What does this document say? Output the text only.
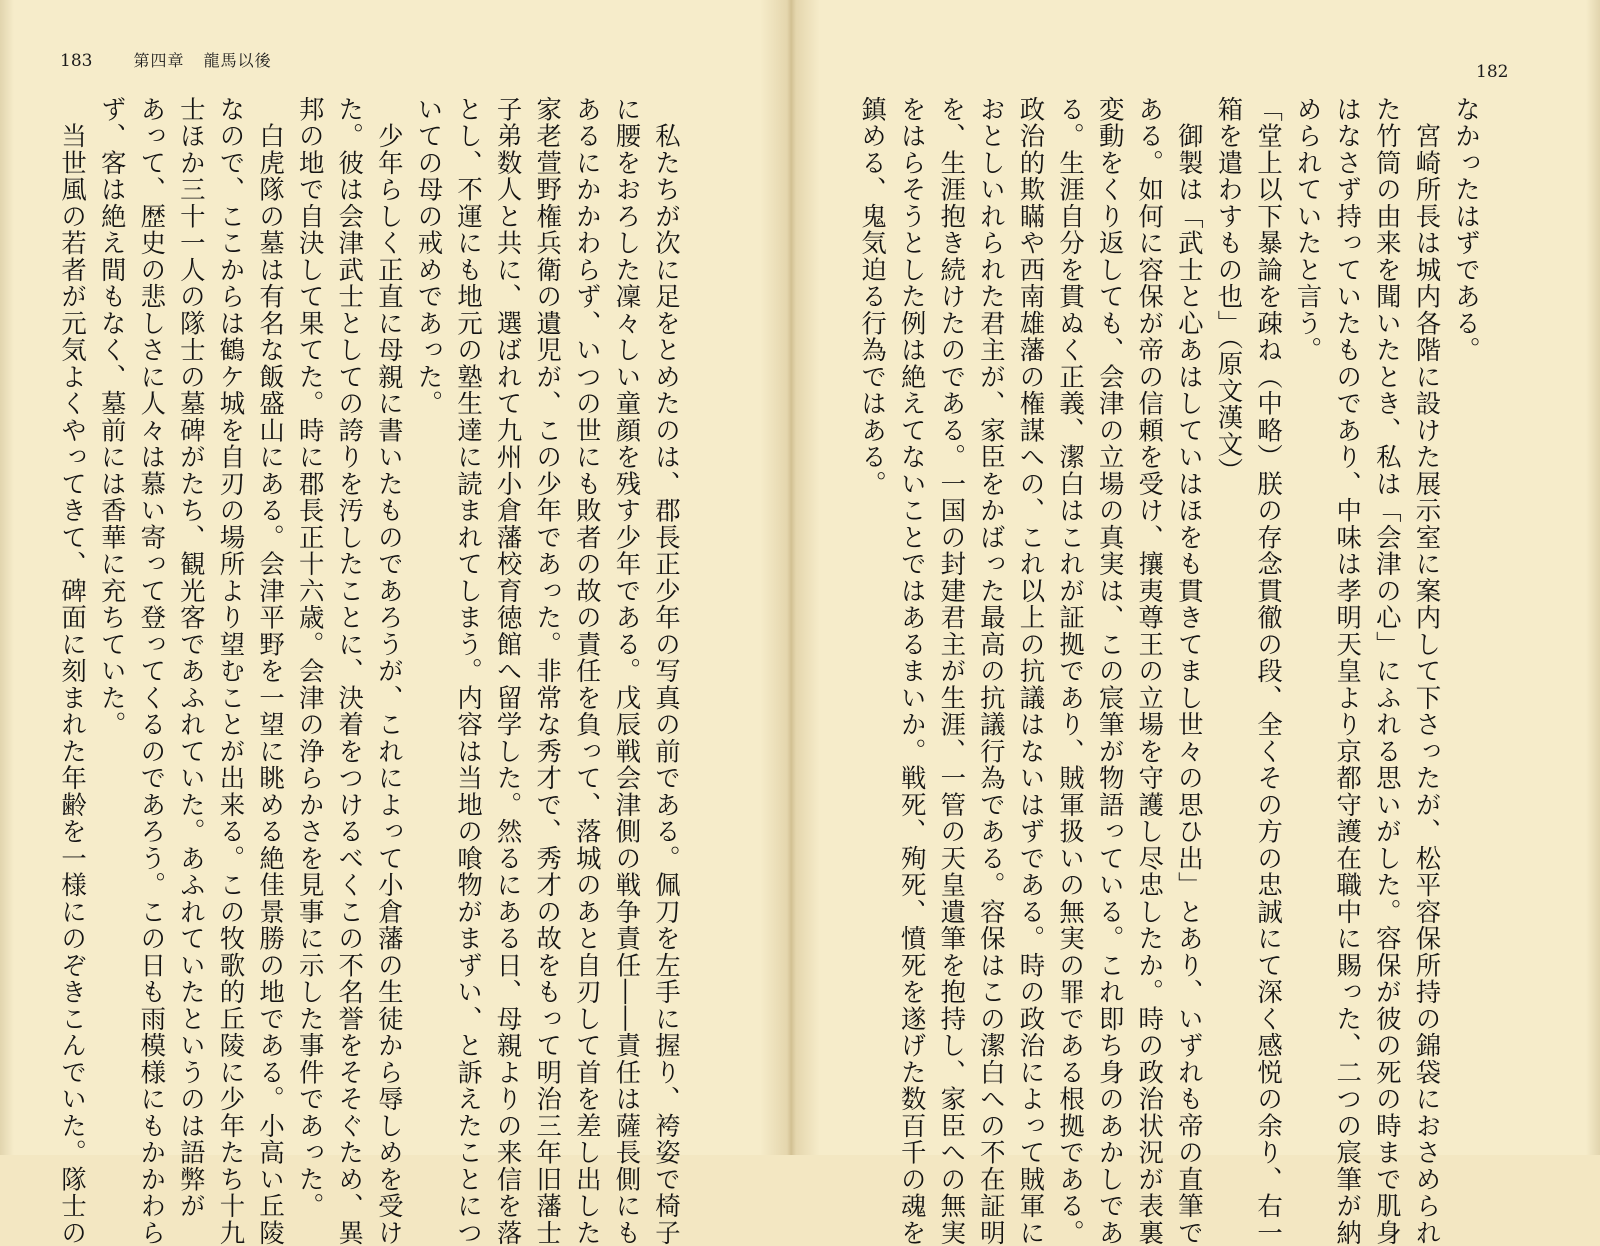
183	第四章 龍馬以後
　私たちが次に足をとめたのは、郡長正少年の写真の前である。佩刀を左手に握り、袴姿で椅子
に腰をおろした凜々しい童顔を残す少年である。戊辰戦会津側の戦争責任――責任は薩長側にも
あるにかかわらず、いつの世にも敗者の故の責任を負って、落城のあと自刃して首を差し出した
家老萱野権兵衛の遺児が、この少年であった。非常な秀才で、秀才の故をもって明治三年旧藩士
子弟数人と共に、選ばれて九州小倉藩校育徳館へ留学した。然るにある日、母親よりの来信を落
とし、不運にも地元の塾生達に読まれてしまう。内容は当地の喰物がまずい、と訴えたことにつ
いての母の戒めであった。
　少年らしく正直に母親に書いたものであろうが、これによって小倉藩の生徒から辱しめを受け
た。彼は会津武士としての誇りを汚したことに、決着をつけるべくこの不名誉をそそぐため、異
邦の地で自決して果てた。時に郡長正十六歳。会津の浄らかさを見事に示した事件であった。
　白虎隊の墓は有名な飯盛山にある。会津平野を一望に眺める絶佳景勝の地である。小高い丘陵
なので、ここからは鶴ケ城を自刃の場所より望むことが出来る。この牧歌的丘陵に少年たち十九
士ほか三十一人の隊士の墓碑がたち、観光客であふれていた。あふれていたというのは語弊が
あって、歴史の悲しさに人々は慕い寄って登ってくるのであろう。この日も雨模様にもかかわら
ず、客は絶え間もなく、墓前には香華に充ちていた。
　当世風の若者が元気よくやってきて、碑面に刻まれた年齢を一様にのぞきこんでいた。隊士の
182
なかったはずである。
　宮崎所長は城内各階に設けた展示室に案内して下さったが、松平容保所持の錦袋におさめられ
た竹筒の由来を聞いたとき、私は「会津の心」にふれる思いがした。容保が彼の死の時まで肌身
はなさず持っていたものであり、中味は孝明天皇より京都守護在職中に賜った、二つの宸筆が納
められていたと言う。
「堂上以下暴論を疎ね（中略）朕の存念貫徹の段、全くその方の忠誠にて深く感悦の余り、右一
箱を遣わすもの也」（原文漢文）
　御製は「武士と心あはしていはほをも貫きてまし世々の思ひ出」とあり、いずれも帝の直筆で
ある。如何に容保が帝の信頼を受け、攘夷尊王の立場を守護し尽忠したか。時の政治状況が表裏
変動をくり返しても、会津の立場の真実は、この宸筆が物語っている。これ即ち身のあかしであ
る。生涯自分を貫ぬく正義、潔白はこれが証拠であり、賊軍扱いの無実の罪である根拠である。
政治的欺瞞や西南雄藩の権謀への、これ以上の抗議はないはずである。時の政治によって賊軍に
おとしいれられた君主が、家臣をかばった最高の抗議行為である。容保はこの潔白への不在証明
を、生涯抱き続けたのである。一国の封建君主が生涯、一管の天皇遺筆を抱持し、家臣への無実
をはらそうとした例は絶えてないことではあるまいか。戦死、殉死、憤死を遂げた数百千の魂を
鎮める、鬼気迫る行為ではある。
